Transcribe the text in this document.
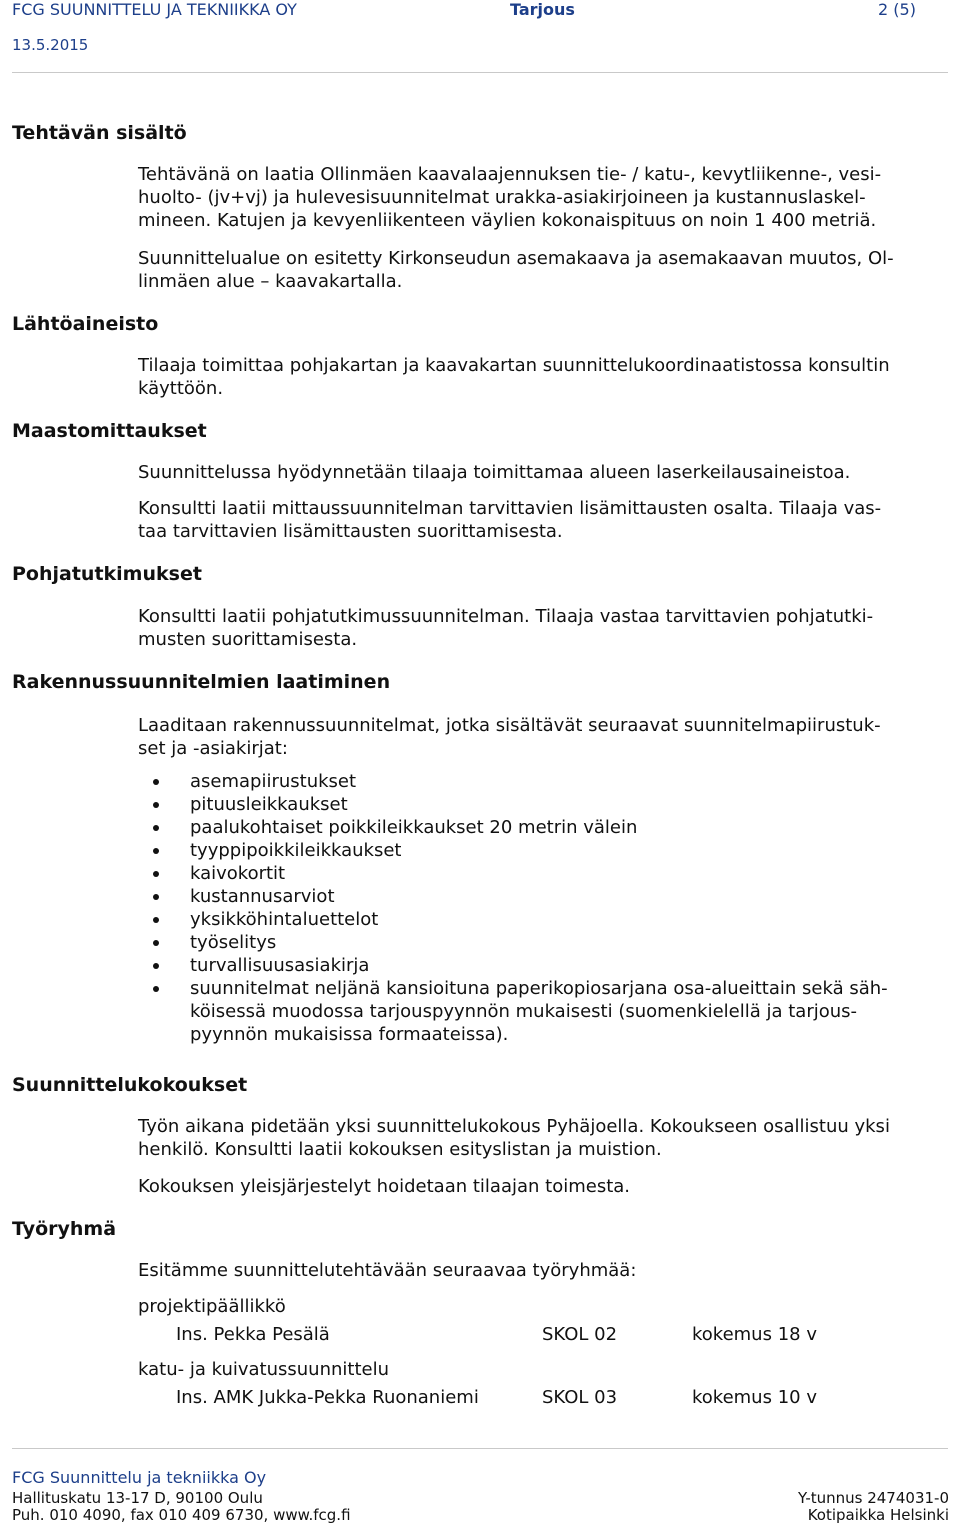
FCG SUUNNITTELU JA TEKNIIKKA OY	Tarjous	2 (5)
13.5.2015
Tehtävän sisältö
Tehtävänä on laatia Ollinmäen kaavalaajennuksen tie- / katu-, kevytliikenne-, vesi-
huolto- (jv+vj) ja hulevesisuunnitelmat urakka-asiakirjoineen ja kustannuslaskel-
mineen. Katujen ja kevyenliikenteen väylien kokonaispituus on noin 1 400 metriä.
Suunnittelualue on esitetty Kirkonseudun asemakaava ja asemakaavan muutos, Ol-
linmäen alue – kaavakartalla.
Lähtöaineisto
Tilaaja toimittaa pohjakartan ja kaavakartan suunnittelukoordinaatistossa konsultin
käyttöön.
Maastomittaukset
Suunnittelussa hyödynnetään tilaaja toimittamaa alueen laserkeilausaineistoa.
Konsultti laatii mittaussuunnitelman tarvittavien lisämittausten osalta. Tilaaja vas-
taa tarvittavien lisämittausten suorittamisesta.
Pohjatutkimukset
Konsultti laatii pohjatutkimussuunnitelman. Tilaaja vastaa tarvittavien pohjatutki-
musten suorittamisesta.
Rakennussuunnitelmien laatiminen
Laaditaan rakennussuunnitelmat, jotka sisältävät seuraavat suunnitelmapiirustuk-
set ja -asiakirjat:
asemapiirustukset
pituusleikkaukset
paalukohtaiset poikkileikkaukset 20 metrin välein
tyyppipoikkileikkaukset
kaivokortit
kustannusarviot
yksikköhintaluettelot
työselitys
turvallisuusasiakirja
suunnitelmat neljänä kansioituna paperikopiosarjana osa-alueittain sekä säh-
köisessä muodossa tarjouspyynnön mukaisesti (suomenkielellä ja tarjous-
pyynnön mukaisissa formaateissa).
Suunnittelukokoukset
Työn aikana pidetään yksi suunnittelukokous Pyhäjoella. Kokoukseen osallistuu yksi
henkilö. Konsultti laatii kokouksen esityslistan ja muistion.
Kokouksen yleisjärjestelyt hoidetaan tilaajan toimesta.
Työryhmä
Esitämme suunnittelutehtävään seuraavaa työryhmää:
projektipäällikkö
Ins. Pekka Pesälä	SKOL 02	kokemus 18 v
katu- ja kuivatussuunnittelu
Ins. AMK Jukka-Pekka Ruonaniemi	SKOL 03	kokemus 10 v
FCG Suunnittelu ja tekniikka Oy
Hallituskatu 13-17 D, 90100 Oulu
Puh. 010 4090, fax 010 409 6730, www.fcg.fi
Y-tunnus 2474031-0
Kotipaikka Helsinki
